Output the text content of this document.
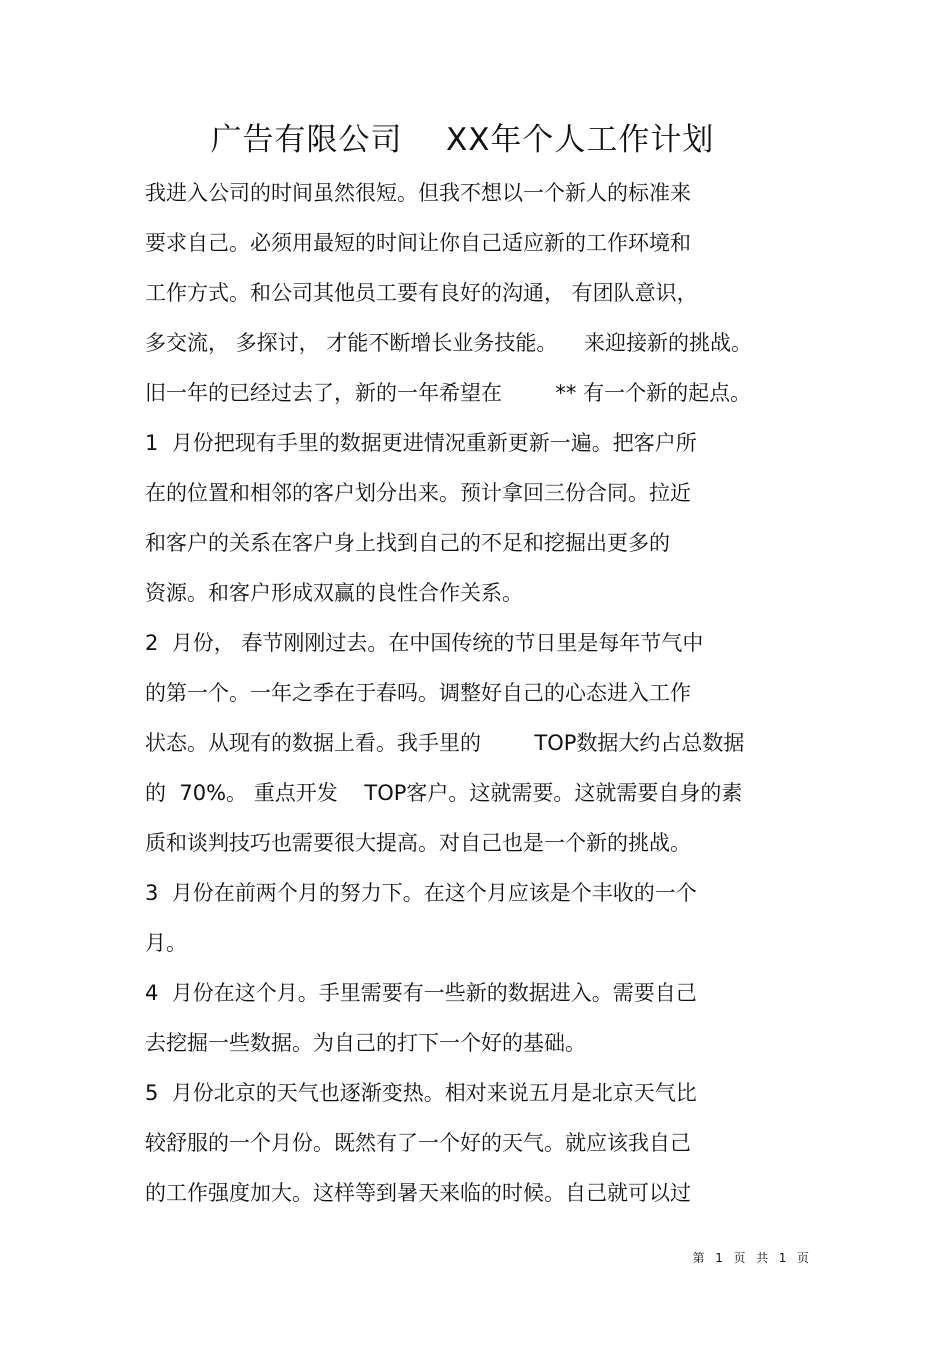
广告有限公司    XX年个人工作计划
我进入公司的时间虽然很短。但我不想以一个新人的标准来
要求自己。必须用最短的时间让你自己适应新的工作环境和
工作方式。和公司其他员工要有良好的沟通， 有团队意识，
多交流， 多探讨， 才能不断增长业务技能。    来迎接新的挑战。
旧一年的已经过去了，新的一年希望在        ** 有一个新的起点。
1  月份把现有手里的数据更进情况重新更新一遍。把客户所
在的位置和相邻的客户划分出来。预计拿回三份合同。拉近
和客户的关系在客户身上找到自己的不足和挖掘出更多的
资源。和客户形成双赢的良性合作关系。
2  月份， 春节刚刚过去。在中国传统的节日里是每年节气中
的第一个。一年之季在于春吗。调整好自己的心态进入工作
状态。从现有的数据上看。我手里的        TOP数据大约占总数据
的  70%。 重点开发    TOP客户。这就需要。这就需要自身的素
质和谈判技巧也需要很大提高。对自己也是一个新的挑战。
3  月份在前两个月的努力下。在这个月应该是个丰收的一个
月。
4  月份在这个月。手里需要有一些新的数据进入。需要自己
去挖掘一些数据。为自己的打下一个好的基础。
5  月份北京的天气也逐渐变热。相对来说五月是北京天气比
较舒服的一个月份。既然有了一个好的天气。就应该我自己
的工作强度加大。这样等到暑天来临的时候。自己就可以过
第  1  页  共  1  页
